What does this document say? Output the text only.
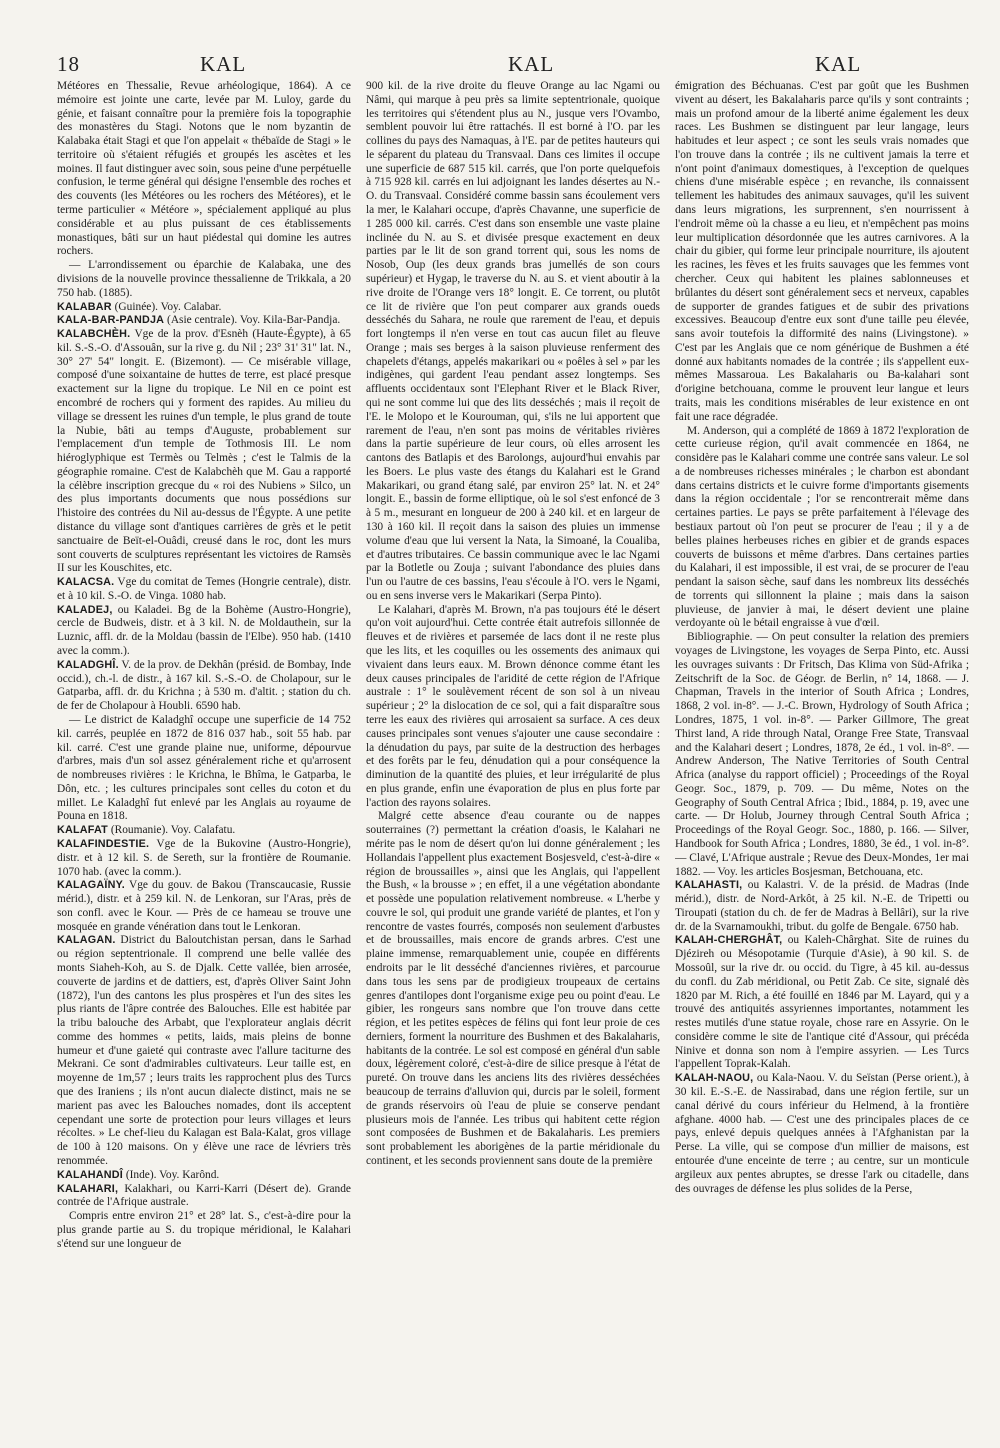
18	KAL	KAL	KAL

Météores en Thessalie, Revue arhéologique, 1864). A ce mémoire est jointe une carte, levée par M. Luloy, garde du génie, et faisant connaître pour la première fois la topographie des monastères du Stagi. Notons que le nom byzantin de Kalabaka était Stagi et que l'on appelait « thébaïde de Stagi » le territoire où s'étaient réfugiés et groupés les ascètes et les moines. Il faut distinguer avec soin, sous peine d'une perpétuelle confusion, le terme général qui désigne l'ensemble des roches et des couvents (les Météores ou les rochers des Météores), et le terme particulier « Météore », spécialement appliqué au plus considérable et au plus puissant de ces établissements monastiques, bâti sur un haut piédestal qui domine les autres rochers.

— L'arrondissement ou éparchie de Kalabaka, une des divisions de la nouvelle province thessalienne de Trikkala, a 20 750 hab. (1885).

KALABAR (Guinée). Voy. Calabar.

KALA-BAR-PANDJA (Asie centrale). Voy. Kila-Bar-Pandja.

KALABCHÈH. Vge de la prov. d'Esnèh (Haute-Égypte), à 65 kil. S.-S.-O. d'Assouân, sur la rive g. du Nil ; 23° 31' 31" lat. N., 30° 27' 54" longit. E. (Bizemont). — Ce misérable village, composé d'une soixantaine de huttes de terre, est placé presque exactement sur la ligne du tropique. Le Nil en ce point est encombré de rochers qui y forment des rapides. Au milieu du village se dressent les ruines d'un temple, le plus grand de toute la Nubie, bâti au temps d'Auguste, probablement sur l'emplacement d'un temple de Tothmosis III. Le nom hiéroglyphique est Termès ou Telmès ; c'est le Talmis de la géographie romaine. C'est de Kalabchèh que M. Gau a rapporté la célèbre inscription grecque du « roi des Nubiens » Silco, un des plus importants documents que nous possédions sur l'histoire des contrées du Nil au-dessus de l'Égypte. A une petite distance du village sont d'antiques carrières de grès et le petit sanctuaire de Beït-el-Ouâdi, creusé dans le roc, dont les murs sont couverts de sculptures représentant les victoires de Ramsès II sur les Kouschites, etc.

KALACSA. Vge du comitat de Temes (Hongrie centrale), distr. et à 10 kil. S.-O. de Vinga. 1080 hab.

KALADEJ, ou Kaladei. Bg de la Bohème (Austro-Hongrie), cercle de Budweis, distr. et à 3 kil. N. de Moldauthein, sur la Luznic, affl. dr. de la Moldau (bassin de l'Elbe). 950 hab. (1410 avec la comm.).

KALADGHÎ. V. de la prov. de Dekhân (présid. de Bombay, Inde occid.), ch.-l. de distr., à 167 kil. S.-S.-O. de Cholapour, sur le Gatparba, affl. dr. du Krichna ; à 530 m. d'altit. ; station du ch. de fer de Cholapour à Houbli. 6590 hab.

— Le district de Kaladghî occupe une superficie de 14 752 kil. carrés, peuplée en 1872 de 816 037 hab., soit 55 hab. par kil. carré. C'est une grande plaine nue, uniforme, dépourvue d'arbres, mais d'un sol assez généralement riche et qu'arrosent de nombreuses rivières : le Krichna, le Bhîma, le Gatparba, le Dôn, etc. ; les cultures principales sont celles du coton et du millet. Le Kaladghî fut enlevé par les Anglais au royaume de Pouna en 1818.

KALAFAT (Roumanie). Voy. Calafatu.

KALAFINDESTIE. Vge de la Bukovine (Austro-Hongrie), distr. et à 12 kil. S. de Sereth, sur la frontière de Roumanie. 1070 hab. (avec la comm.).

KALAGAÏNY. Vge du gouv. de Bakou (Transcaucasie, Russie mérid.), distr. et à 259 kil. N. de Lenkoran, sur l'Aras, près de son confl. avec le Kour. — Près de ce hameau se trouve une mosquée en grande vénération dans tout le Lenkoran.

KALAGAN. District du Baloutchistan persan, dans le Sarhad ou région septentrionale. Il comprend une belle vallée des monts Siaheh-Koh, au S. de Djalk. Cette vallée, bien arrosée, couverte de jardins et de dattiers, est, d'après Oliver Saint John (1872), l'un des cantons les plus prospères et l'un des sites les plus riants de l'âpre contrée des Balouches. Elle est habitée par la tribu balouche des Arbabt, que l'explorateur anglais décrit comme des hommes « petits, laids, mais pleins de bonne humeur et d'une gaieté qui contraste avec l'allure taciturne des Mekrani. Ce sont d'admirables cultivateurs. Leur taille est, en moyenne de 1m,57 ; leurs traits les rapprochent plus des Turcs que des Iraniens ; ils n'ont aucun dialecte distinct, mais ne se marient pas avec les Balouches nomades, dont ils acceptent cependant une sorte de protection pour leurs villages et leurs récoltes. » Le chef-lieu du Kalagan est Bala-Kalat, gros village de 100 à 120 maisons. On y élève une race de lévriers très renommée.

KALAHANDÎ (Inde). Voy. Karônd.

KALAHARI, Kalakhari, ou Karri-Karri (Désert de). Grande contrée de l'Afrique australe.

Compris entre environ 21° et 28° lat. S., c'est-à-dire pour la plus grande partie au S. du tropique méridional, le Kalahari s'étend sur une longueur de

900 kil. de la rive droite du fleuve Orange au lac Ngami ou Nâmi, qui marque à peu près sa limite septentrionale, quoique les territoires qui s'étendent plus au N., jusque vers l'Ovambo, semblent pouvoir lui être rattachés. Il est borné à l'O. par les collines du pays des Namaquas, à l'E. par de petites hauteurs qui le séparent du plateau du Transvaal. Dans ces limites il occupe une superficie de 687 515 kil. carrés, que l'on porte quelquefois à 715 928 kil. carrés en lui adjoignant les landes désertes au N.-O. du Transvaal. Considéré comme bassin sans écoulement vers la mer, le Kalahari occupe, d'après Chavanne, une superficie de 1 285 000 kil. carrés. C'est dans son ensemble une vaste plaine inclinée du N. au S. et divisée presque exactement en deux parties par le lit de son grand torrent qui, sous les noms de Nosob, Oup (les deux grands bras jumellés de son cours supérieur) et Hygap, le traverse du N. au S. et vient aboutir à la rive droite de l'Orange vers 18° longit. E. Ce torrent, ou plutôt ce lit de rivière que l'on peut comparer aux grands oueds desséchés du Sahara, ne roule que rarement de l'eau, et depuis fort longtemps il n'en verse en tout cas aucun filet au fleuve Orange ; mais ses berges à la saison pluvieuse renferment des chapelets d'étangs, appelés makarikari ou « poêles à sel » par les indigènes, qui gardent l'eau pendant assez longtemps. Ses affluents occidentaux sont l'Elephant River et le Black River, qui ne sont comme lui que des lits desséchés ; mais il reçoit de l'E. le Molopo et le Kourouman, qui, s'ils ne lui apportent que rarement de l'eau, n'en sont pas moins de véritables rivières dans la partie supérieure de leur cours, où elles arrosent les cantons des Batlapis et des Barolongs, aujourd'hui envahis par les Boers. Le plus vaste des étangs du Kalahari est le Grand Makarikari, ou grand étang salé, par environ 25° lat. N. et 24° longit. E., bassin de forme elliptique, où le sol s'est enfoncé de 3 à 5 m., mesurant en longueur de 200 à 240 kil. et en largeur de 130 à 160 kil. Il reçoit dans la saison des pluies un immense volume d'eau que lui versent la Nata, la Simoané, la Coualiba, et d'autres tributaires. Ce bassin communique avec le lac Ngami par la Botletle ou Zouja ; suivant l'abondance des pluies dans l'un ou l'autre de ces bassins, l'eau s'écoule à l'O. vers le Ngami, ou en sens inverse vers le Makarikari (Serpa Pinto).

Le Kalahari, d'après M. Brown, n'a pas toujours été le désert qu'on voit aujourd'hui. Cette contrée était autrefois sillonnée de fleuves et de rivières et parsemée de lacs dont il ne reste plus que les lits, et les coquilles ou les ossements des animaux qui vivaient dans leurs eaux. M. Brown dénonce comme étant les deux causes principales de l'aridité de cette région de l'Afrique australe : 1° le soulèvement récent de son sol à un niveau supérieur ; 2° la dislocation de ce sol, qui a fait disparaître sous terre les eaux des rivières qui arrosaient sa surface. A ces deux causes principales sont venues s'ajouter une cause secondaire : la dénudation du pays, par suite de la destruction des herbages et des forêts par le feu, dénudation qui a pour conséquence la diminution de la quantité des pluies, et leur irrégularité de plus en plus grande, enfin une évaporation de plus en plus forte par l'action des rayons solaires.

Malgré cette absence d'eau courante ou de nappes souterraines (?) permettant la création d'oasis, le Kalahari ne mérite pas le nom de désert qu'on lui donne généralement ; les Hollandais l'appellent plus exactement Bosjesveld, c'est-à-dire « région de broussailles », ainsi que les Anglais, qui l'appellent the Bush, « la brousse » ; en effet, il a une végétation abondante et possède une population relativement nombreuse. « L'herbe y couvre le sol, qui produit une grande variété de plantes, et l'on y rencontre de vastes fourrés, composés non seulement d'arbustes et de broussailles, mais encore de grands arbres. C'est une plaine immense, remarquablement unie, coupée en différents endroits par le lit desséché d'anciennes rivières, et parcourue dans tous les sens par de prodigieux troupeaux de certains genres d'antilopes dont l'organisme exige peu ou point d'eau. Le gibier, les rongeurs sans nombre que l'on trouve dans cette région, et les petites espèces de félins qui font leur proie de ces derniers, forment la nourriture des Bushmen et des Bakalaharis, habitants de la contrée. Le sol est composé en général d'un sable doux, légèrement coloré, c'est-à-dire de silice presque à l'état de pureté. On trouve dans les anciens lits des rivières desséchées beaucoup de terrains d'alluvion qui, durcis par le soleil, forment de grands réservoirs où l'eau de pluie se conserve pendant plusieurs mois de l'année. Les tribus qui habitent cette région sont composées de Bushmen et de Bakalaharis. Les premiers sont probablement les aborigènes de la partie méridionale du continent, et les seconds proviennent sans doute de la première

émigration des Béchuanas. C'est par goût que les Bushmen vivent au désert, les Bakalaharis parce qu'ils y sont contraints ; mais un profond amour de la liberté anime également les deux races. Les Bushmen se distinguent par leur langage, leurs habitudes et leur aspect ; ce sont les seuls vrais nomades que l'on trouve dans la contrée ; ils ne cultivent jamais la terre et n'ont point d'animaux domestiques, à l'exception de quelques chiens d'une misérable espèce ; en revanche, ils connaissent tellement les habitudes des animaux sauvages, qu'il les suivent dans leurs migrations, les surprennent, s'en nourrissent à l'endroit même où la chasse a eu lieu, et n'empêchent pas moins leur multiplication désordonnée que les autres carnivores. A la chair du gibier, qui forme leur principale nourriture, ils ajoutent les racines, les fèves et les fruits sauvages que les femmes vont chercher. Ceux qui habitent les plaines sablonneuses et brûlantes du désert sont généralement secs et nerveux, capables de supporter de grandes fatigues et de subir des privations excessives. Beaucoup d'entre eux sont d'une taille peu élevée, sans avoir toutefois la difformité des nains (Livingstone). » C'est par les Anglais que ce nom générique de Bushmen a été donné aux habitants nomades de la contrée ; ils s'appellent eux-mêmes Massaroua. Les Bakalaharis ou Ba-kalahari sont d'origine betchouana, comme le prouvent leur langue et leurs traits, mais les conditions misérables de leur existence en ont fait une race dégradée.

M. Anderson, qui a complété de 1869 à 1872 l'exploration de cette curieuse région, qu'il avait commencée en 1864, ne considère pas le Kalahari comme une contrée sans valeur. Le sol a de nombreuses richesses minérales ; le charbon est abondant dans certains districts et le cuivre forme d'importants gisements dans la région occidentale ; l'or se rencontrerait même dans certaines parties. Le pays se prête parfaitement à l'élevage des bestiaux partout où l'on peut se procurer de l'eau ; il y a de belles plaines herbeuses riches en gibier et de grands espaces couverts de buissons et même d'arbres. Dans certaines parties du Kalahari, il est impossible, il est vrai, de se procurer de l'eau pendant la saison sèche, sauf dans les nombreux lits desséchés de torrents qui sillonnent la plaine ; mais dans la saison pluvieuse, de janvier à mai, le désert devient une plaine verdoyante où le bétail engraisse à vue d'œil.

Bibliographie. — On peut consulter la relation des premiers voyages de Livingstone, les voyages de Serpa Pinto, etc. Aussi les ouvrages suivants : Dr Fritsch, Das Klima von Süd-Afrika ; Zeitschrift de la Soc. de Géogr. de Berlin, n° 14, 1868. — J. Chapman, Travels in the interior of South Africa ; Londres, 1868, 2 vol. in-8°. — J.-C. Brown, Hydrology of South Africa ; Londres, 1875, 1 vol. in-8°. — Parker Gillmore, The great Thirst land, A ride through Natal, Orange Free State, Transvaal and the Kalahari desert ; Londres, 1878, 2e éd., 1 vol. in-8°. — Andrew Anderson, The Native Territories of South Central Africa (analyse du rapport officiel) ; Proceedings of the Royal Geogr. Soc., 1879, p. 709. — Du même, Notes on the Geography of South Central Africa ; Ibid., 1884, p. 19, avec une carte. — Dr Holub, Journey through Central South Africa ; Proceedings of the Royal Geogr. Soc., 1880, p. 166. — Silver, Handbook for South Africa ; Londres, 1880, 3e éd., 1 vol. in-8°. — Clavé, L'Afrique australe ; Revue des Deux-Mondes, 1er mai 1882. — Voy. les articles Bosjesman, Betchouana, etc.

KALAHASTI, ou Kalastri. V. de la présid. de Madras (Inde mérid.), distr. de Nord-Arkôt, à 25 kil. N.-E. de Tripetti ou Tiroupati (station du ch. de fer de Madras à Bellâri), sur la rive dr. de la Svarnamoukhi, tribut. du golfe de Bengale. 6750 hab.

KALAH-CHERGHÂT, ou Kaleh-Chârghat. Site de ruines du Djézireh ou Mésopotamie (Turquie d'Asie), à 90 kil. S. de Mossoûl, sur la rive dr. ou occid. du Tigre, à 45 kil. au-dessus du confl. du Zab méridional, ou Petit Zab. Ce site, signalé dès 1820 par M. Rich, a été fouillé en 1846 par M. Layard, qui y a trouvé des antiquités assyriennes importantes, notamment les restes mutilés d'une statue royale, chose rare en Assyrie. On le considère comme le site de l'antique cité d'Assour, qui précéda Ninive et donna son nom à l'empire assyrien. — Les Turcs l'appellent Toprak-Kalah.

KALAH-NAOU, ou Kala-Naou. V. du Seïstan (Perse orient.), à 30 kil. E.-S.-E. de Nassirabad, dans une région fertile, sur un canal dérivé du cours inférieur du Helmend, à la frontière afghane. 4000 hab. — C'est une des principales places de ce pays, enlevé depuis quelques années à l'Afghanistan par la Perse. La ville, qui se compose d'un millier de maisons, est entourée d'une enceinte de terre ; au centre, sur un monticule argileux aux pentes abruptes, se dresse l'ark ou citadelle, dans des ouvrages de défense les plus solides de la Perse,
